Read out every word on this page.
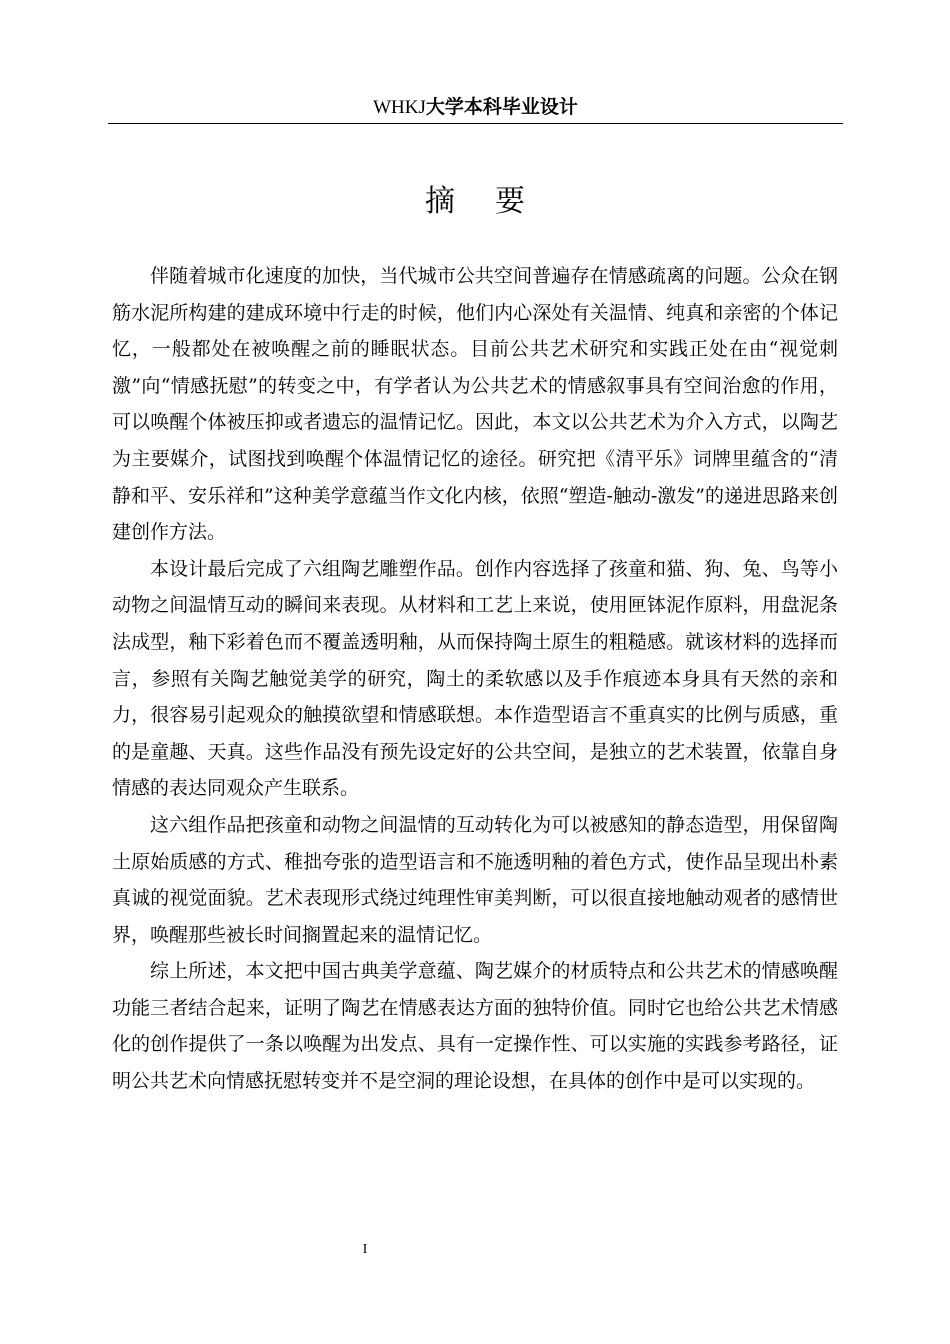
WHKJ大学本科毕业设计
摘要

伴随着城市化速度的加快，当代城市公共空间普遍存在情感疏离的问题。公众在钢筋水泥所构建的建成环境中行走的时候，他们内心深处有关温情、纯真和亲密的个体记忆，一般都处在被唤醒之前的睡眠状态。目前公共艺术研究和实践正处在由“视觉刺激”向“情感抚慰”的转变之中，有学者认为公共艺术的情感叙事具有空间治愈的作用，可以唤醒个体被压抑或者遗忘的温情记忆。因此，本文以公共艺术为介入方式，以陶艺为主要媒介，试图找到唤醒个体温情记忆的途径。研究把《清平乐》词牌里蕴含的“清静和平、安乐祥和”这种美学意蕴当作文化内核，依照“塑造-触动-激发”的递进思路来创建创作方法。

本设计最后完成了六组陶艺雕塑作品。创作内容选择了孩童和猫、狗、兔、鸟等小动物之间温情互动的瞬间来表现。从材料和工艺上来说，使用匣钵泥作原料，用盘泥条法成型，釉下彩着色而不覆盖透明釉，从而保持陶土原生的粗糙感。就该材料的选择而言，参照有关陶艺触觉美学的研究，陶土的柔软感以及手作痕迹本身具有天然的亲和力，很容易引起观众的触摸欲望和情感联想。本作造型语言不重真实的比例与质感，重的是童趣、天真。这些作品没有预先设定好的公共空间，是独立的艺术装置，依靠自身情感的表达同观众产生联系。

这六组作品把孩童和动物之间温情的互动转化为可以被感知的静态造型，用保留陶土原始质感的方式、稚拙夸张的造型语言和不施透明釉的着色方式，使作品呈现出朴素真诚的视觉面貌。艺术表现形式绕过纯理性审美判断，可以很直接地触动观者的感情世界，唤醒那些被长时间搁置起来的温情记忆。

综上所述，本文把中国古典美学意蕴、陶艺媒介的材质特点和公共艺术的情感唤醒功能三者结合起来，证明了陶艺在情感表达方面的独特价值。同时它也给公共艺术情感化的创作提供了一条以唤醒为出发点、具有一定操作性、可以实施的实践参考路径，证明公共艺术向情感抚慰转变并不是空洞的理论设想，在具体的创作中是可以实现的。

I
